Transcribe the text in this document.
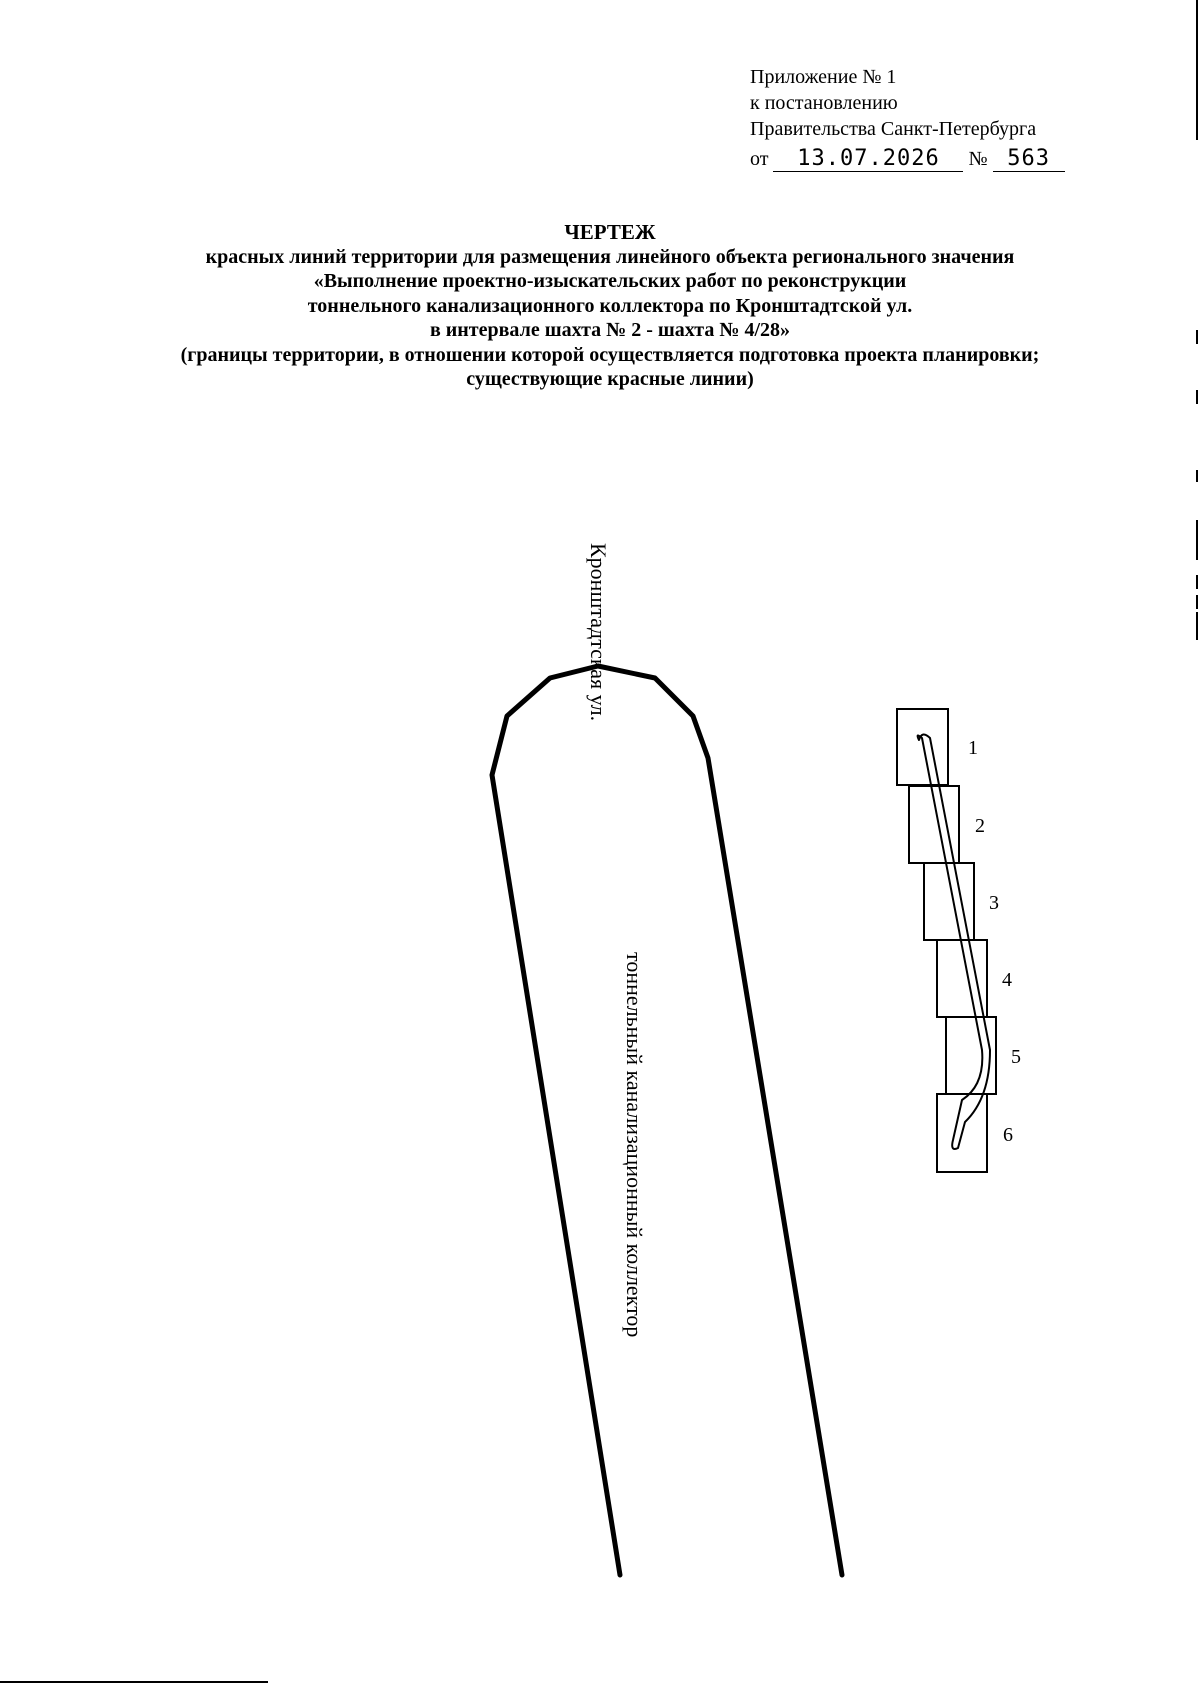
Приложение № 1
к постановлению
Правительства Санкт-Петербурга
от 13.07.2026 № 563
ЧЕРТЕЖ
красных линий территории для размещения линейного объекта регионального значения
«Выполнение проектно-изыскательских работ по реконструкции
тоннельного канализационного коллектора по Кронштадтской ул.
в интервале шахта № 2 - шахта № 4/28»
(границы территории, в отношении которой осуществляется подготовка проекта планировки;
существующие красные линии)
Кронштадтская ул.
тоннельный канализационный коллектор
1
2
3
4
5
6
